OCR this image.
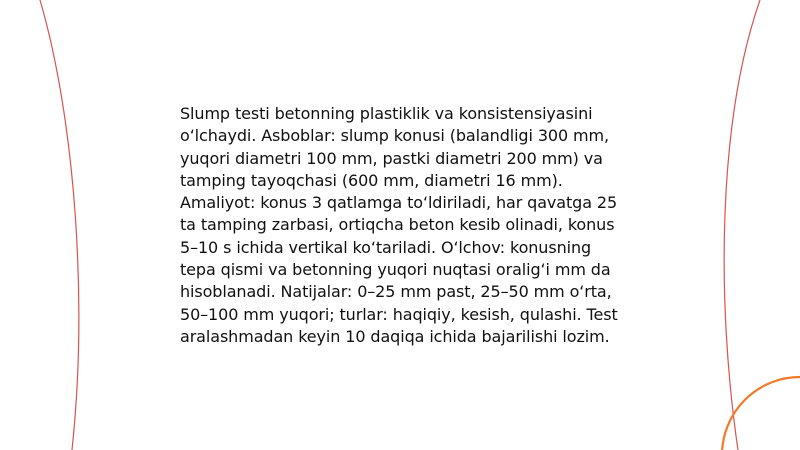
Slump testi betonning plastiklik va konsistensiyasini o‘lchaydi. Asboblar: slump konusi (balandligi 300 mm, yuqori diametri 100 mm, pastki diametri 200 mm) va tamping tayoqchasi (600 mm, diametri 16 mm). Amaliyot: konus 3 qatlamga to‘ldiriladi, har qavatga 25 ta tamping zarbasi, ortiqcha beton kesib olinadi, konus 5–10 s ichida vertikal ko‘tariladi. O‘lchov: konusning tepa qismi va betonning yuqori nuqtasi oralig‘i mm da hisoblanadi. Natijalar: 0–25 mm past, 25–50 mm o‘rta, 50–100 mm yuqori; turlar: haqiqiy, kesish, qulashi. Test aralashmadan keyin 10 daqiqa ichida bajarilishi lozim.
